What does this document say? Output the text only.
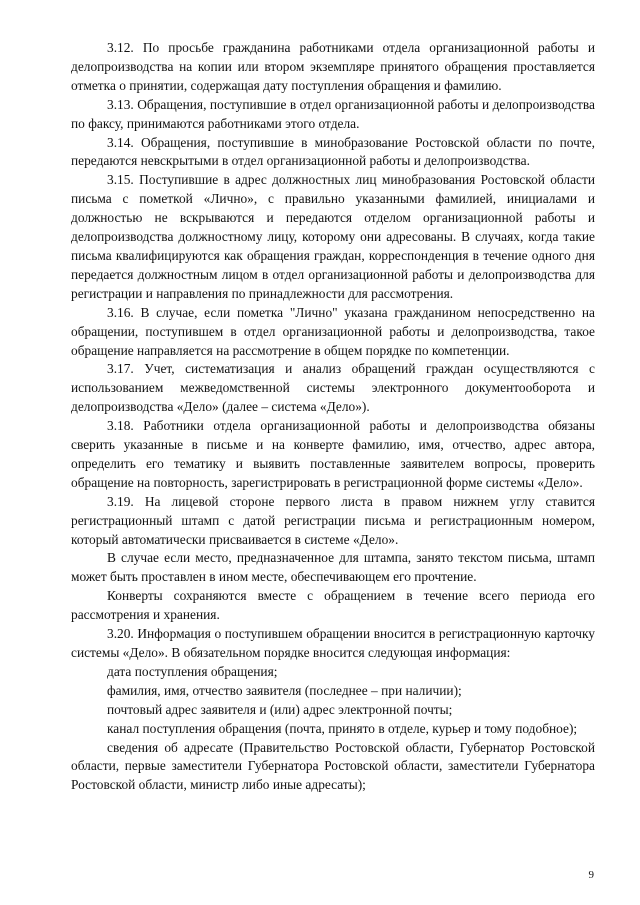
3.12. По просьбе гражданина работниками отдела организационной работы и делопроизводства на копии или втором экземпляре принятого обращения проставляется отметка о принятии, содержащая дату поступления обращения и фамилию.

3.13. Обращения, поступившие в отдел организационной работы и делопроизводства по факсу, принимаются работниками этого отдела.

3.14. Обращения, поступившие в минобразование Ростовской области по почте, передаются невскрытыми в отдел организационной работы и делопроизводства.

3.15. Поступившие в адрес должностных лиц минобразования Ростовской области письма с пометкой «Лично», с правильно указанными фамилией, инициалами и должностью не вскрываются и передаются отделом организационной работы и делопроизводства должностному лицу, которому они адресованы. В случаях, когда такие письма квалифицируются как обращения граждан, корреспонденция в течение одного дня передается должностным лицом в отдел организационной работы и делопроизводства для регистрации и направления по принадлежности для рассмотрения.

3.16. В случае, если пометка "Лично" указана гражданином непосредственно на обращении, поступившем в отдел организационной работы и делопроизводства, такое обращение направляется на рассмотрение в общем порядке по компетенции.

3.17. Учет, систематизация и анализ обращений граждан осуществляются с использованием межведомственной системы электронного документооборота и делопроизводства «Дело» (далее – система «Дело»).

3.18. Работники отдела организационной работы и делопроизводства обязаны сверить указанные в письме и на конверте фамилию, имя, отчество, адрес автора, определить его тематику и выявить поставленные заявителем вопросы, проверить обращение на повторность, зарегистрировать в регистрационной форме системы «Дело».

3.19. На лицевой стороне первого листа в правом нижнем углу ставится регистрационный штамп с датой регистрации письма и регистрационным номером, который автоматически присваивается в системе «Дело».

В случае если место, предназначенное для штампа, занято текстом письма, штамп может быть проставлен в ином месте, обеспечивающем его прочтение.

Конверты сохраняются вместе с обращением в течение всего периода его рассмотрения и хранения.

3.20. Информация о поступившем обращении вносится в регистрационную карточку системы «Дело». В обязательном порядке вносится следующая информация:

дата поступления обращения;

фамилия, имя, отчество заявителя (последнее – при наличии);

почтовый адрес заявителя и (или) адрес электронной почты;

канал поступления обращения (почта, принято в отделе, курьер и тому подобное);

сведения об адресате (Правительство Ростовской области, Губернатор Ростовской области, первые заместители Губернатора Ростовской области, заместители Губернатора Ростовской области, министр либо иные адресаты);

9
